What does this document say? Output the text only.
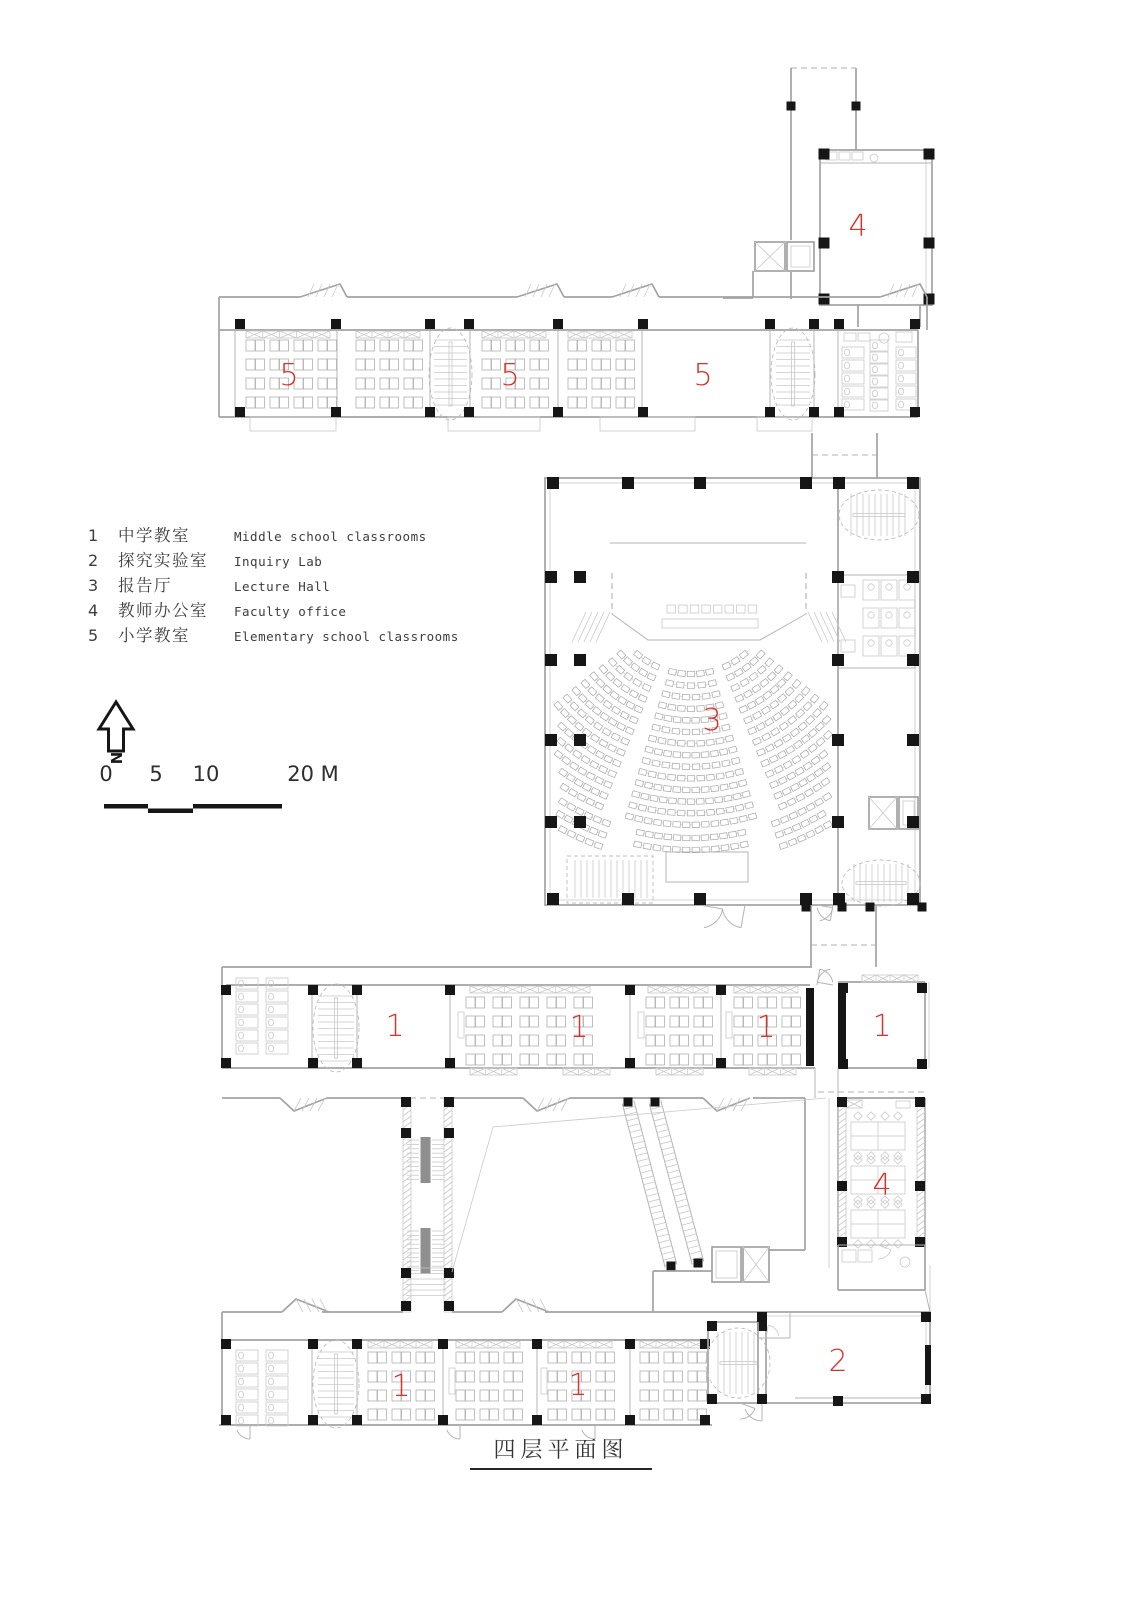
4
5	5	5
3
1	1	1	1
4
1	1
2
1	中学教室	Middle school classrooms
2	探究实验室	Inquiry Lab
3	报告厅	Lecture Hall
4	教师办公室	Faculty office
5	小学教室	Elementary school classrooms
0 5 10	20 M
N
四层平面图
